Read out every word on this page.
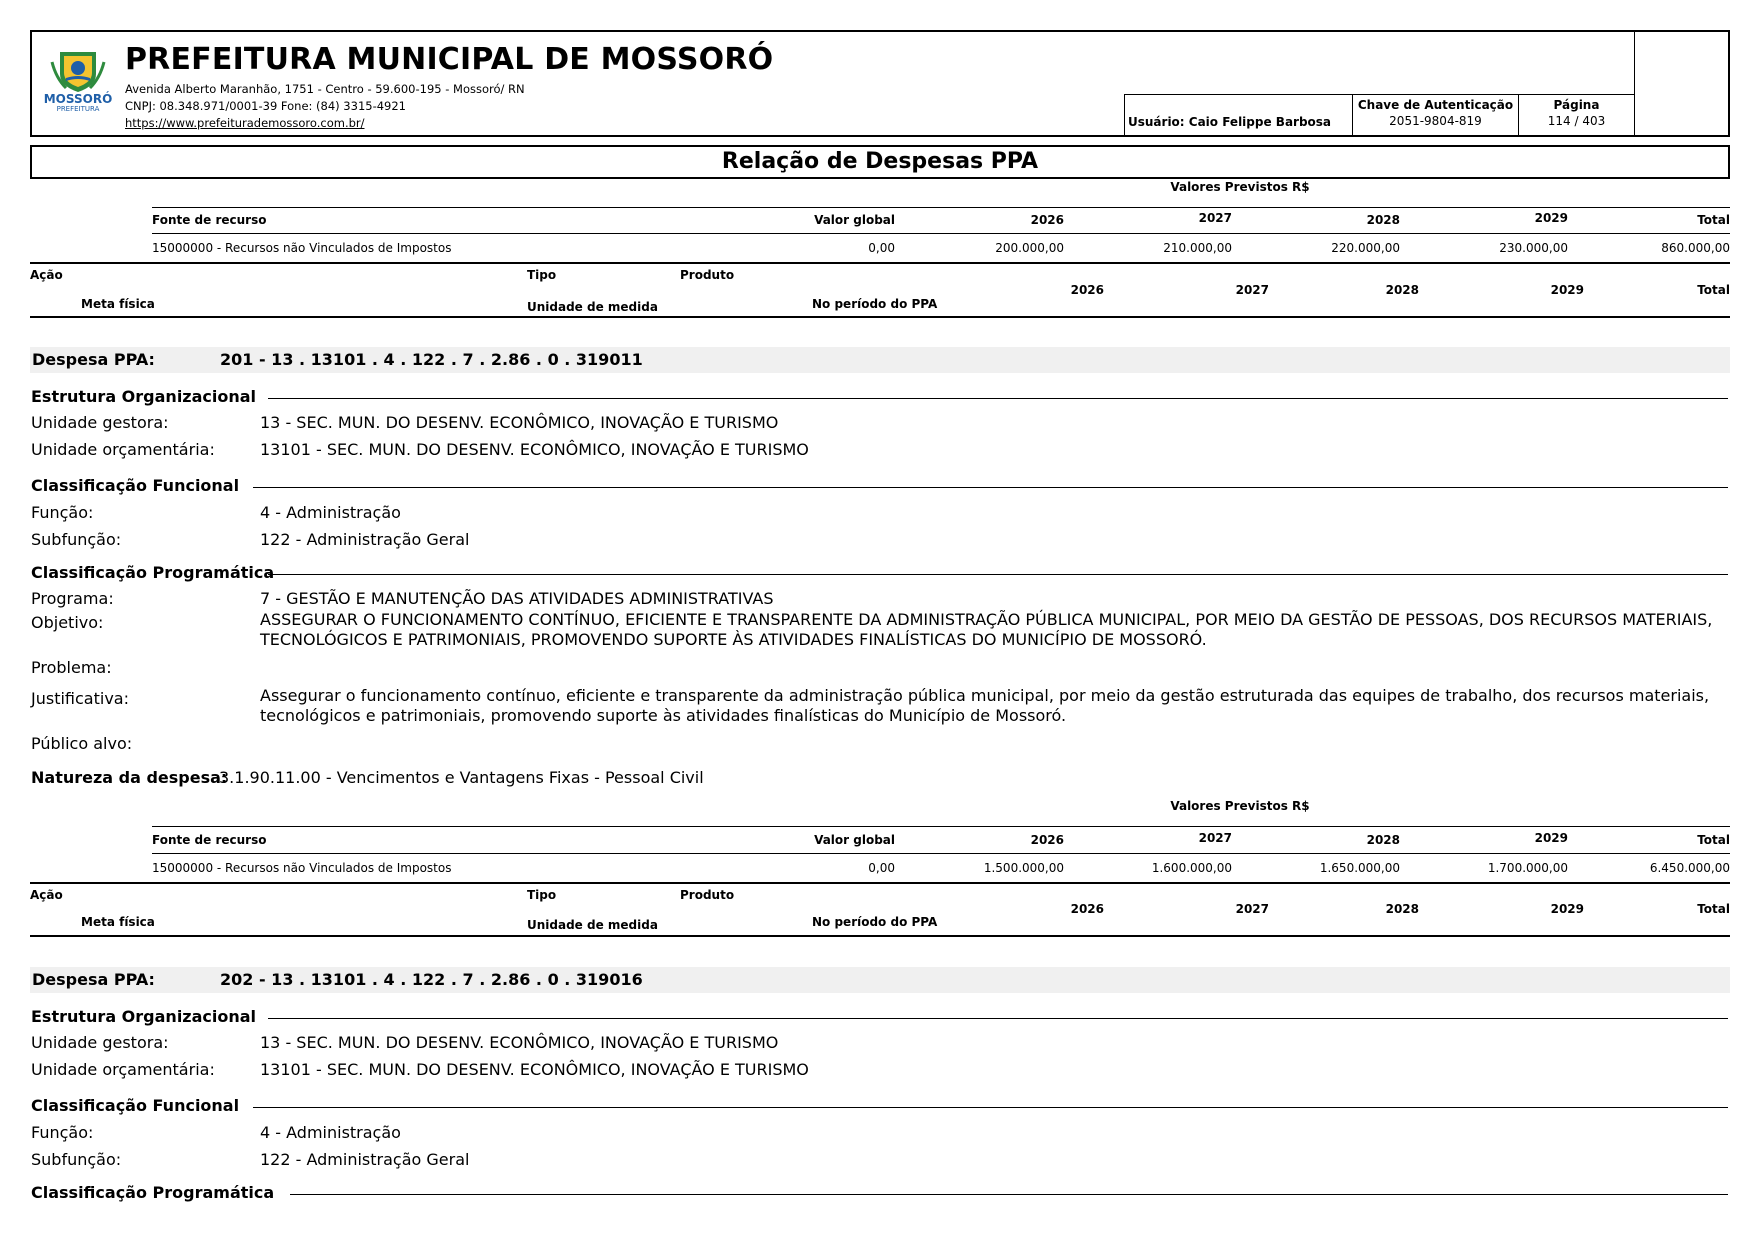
MOSSORÓ
PREFEITURA
PREFEITURA MUNICIPAL DE MOSSORÓ
Avenida Alberto Maranhão, 1751 - Centro - 59.600-195 - Mossoró/ RN
CNPJ: 08.348.971/0001-39 Fone: (84) 3315-4921
https://www.prefeiturademossoro.com.br/	Usuário: Caio Felippe Barbosa
Chave de Autenticação
2051-9804-819
Página
114 / 403
Relação de Despesas PPA
Valores Previstos R$
Fonte de recurso	Valor global	2026	2027	2028	2029	Total
15000000 - Recursos não Vinculados de Impostos	0,00	200.000,00	210.000,00	220.000,00	230.000,00	860.000,00
Ação	Tipo	Produto
2026	2027	2028	2029	Total
Meta física	Unidade de medida	No período do PPA
Despesa PPA:	201 - 13 . 13101 . 4 . 122 . 7 . 2.86 . 0 . 319011
Estrutura Organizacional
Unidade gestora:	13 - SEC. MUN. DO DESENV. ECONÔMICO, INOVAÇÃO E TURISMO
Unidade orçamentária:	13101 - SEC. MUN. DO DESENV. ECONÔMICO, INOVAÇÃO E TURISMO
Classificação Funcional
Função:	4 - Administração
Subfunção:	122 - Administração Geral
Classificação Programática
Programa:	7 - GESTÃO E MANUTENÇÃO DAS ATIVIDADES ADMINISTRATIVAS
Objetivo:	ASSEGURAR O FUNCIONAMENTO CONTÍNUO, EFICIENTE E TRANSPARENTE DA ADMINISTRAÇÃO PÚBLICA MUNICIPAL, POR MEIO DA GESTÃO DE PESSOAS, DOS RECURSOS MATERIAIS, TECNOLÓGICOS E PATRIMONIAIS, PROMOVENDO SUPORTE ÀS ATIVIDADES FINALÍSTICAS DO MUNICÍPIO DE MOSSORÓ.
Problema:
Justificativa:	Assegurar o funcionamento contínuo, eficiente e transparente da administração pública municipal, por meio da gestão estruturada das equipes de trabalho, dos recursos materiais, tecnológicos e patrimoniais, promovendo suporte às atividades finalísticas do Município de Mossoró.
Público alvo:
Natureza da despesa:
3.1.90.11.00 - Vencimentos e Vantagens Fixas - Pessoal Civil
Valores Previstos R$
Fonte de recurso	Valor global	2026	2027	2028	2029	Total
15000000 - Recursos não Vinculados de Impostos	0,00	1.500.000,00	1.600.000,00	1.650.000,00	1.700.000,00	6.450.000,00
Ação	Tipo	Produto
2026	2027	2028	2029	Total
Meta física	Unidade de medida	No período do PPA
Despesa PPA:	202 - 13 . 13101 . 4 . 122 . 7 . 2.86 . 0 . 319016
Estrutura Organizacional
Unidade gestora:	13 - SEC. MUN. DO DESENV. ECONÔMICO, INOVAÇÃO E TURISMO
Unidade orçamentária:	13101 - SEC. MUN. DO DESENV. ECONÔMICO, INOVAÇÃO E TURISMO
Classificação Funcional
Função:	4 - Administração
Subfunção:	122 - Administração Geral
Classificação Programática
